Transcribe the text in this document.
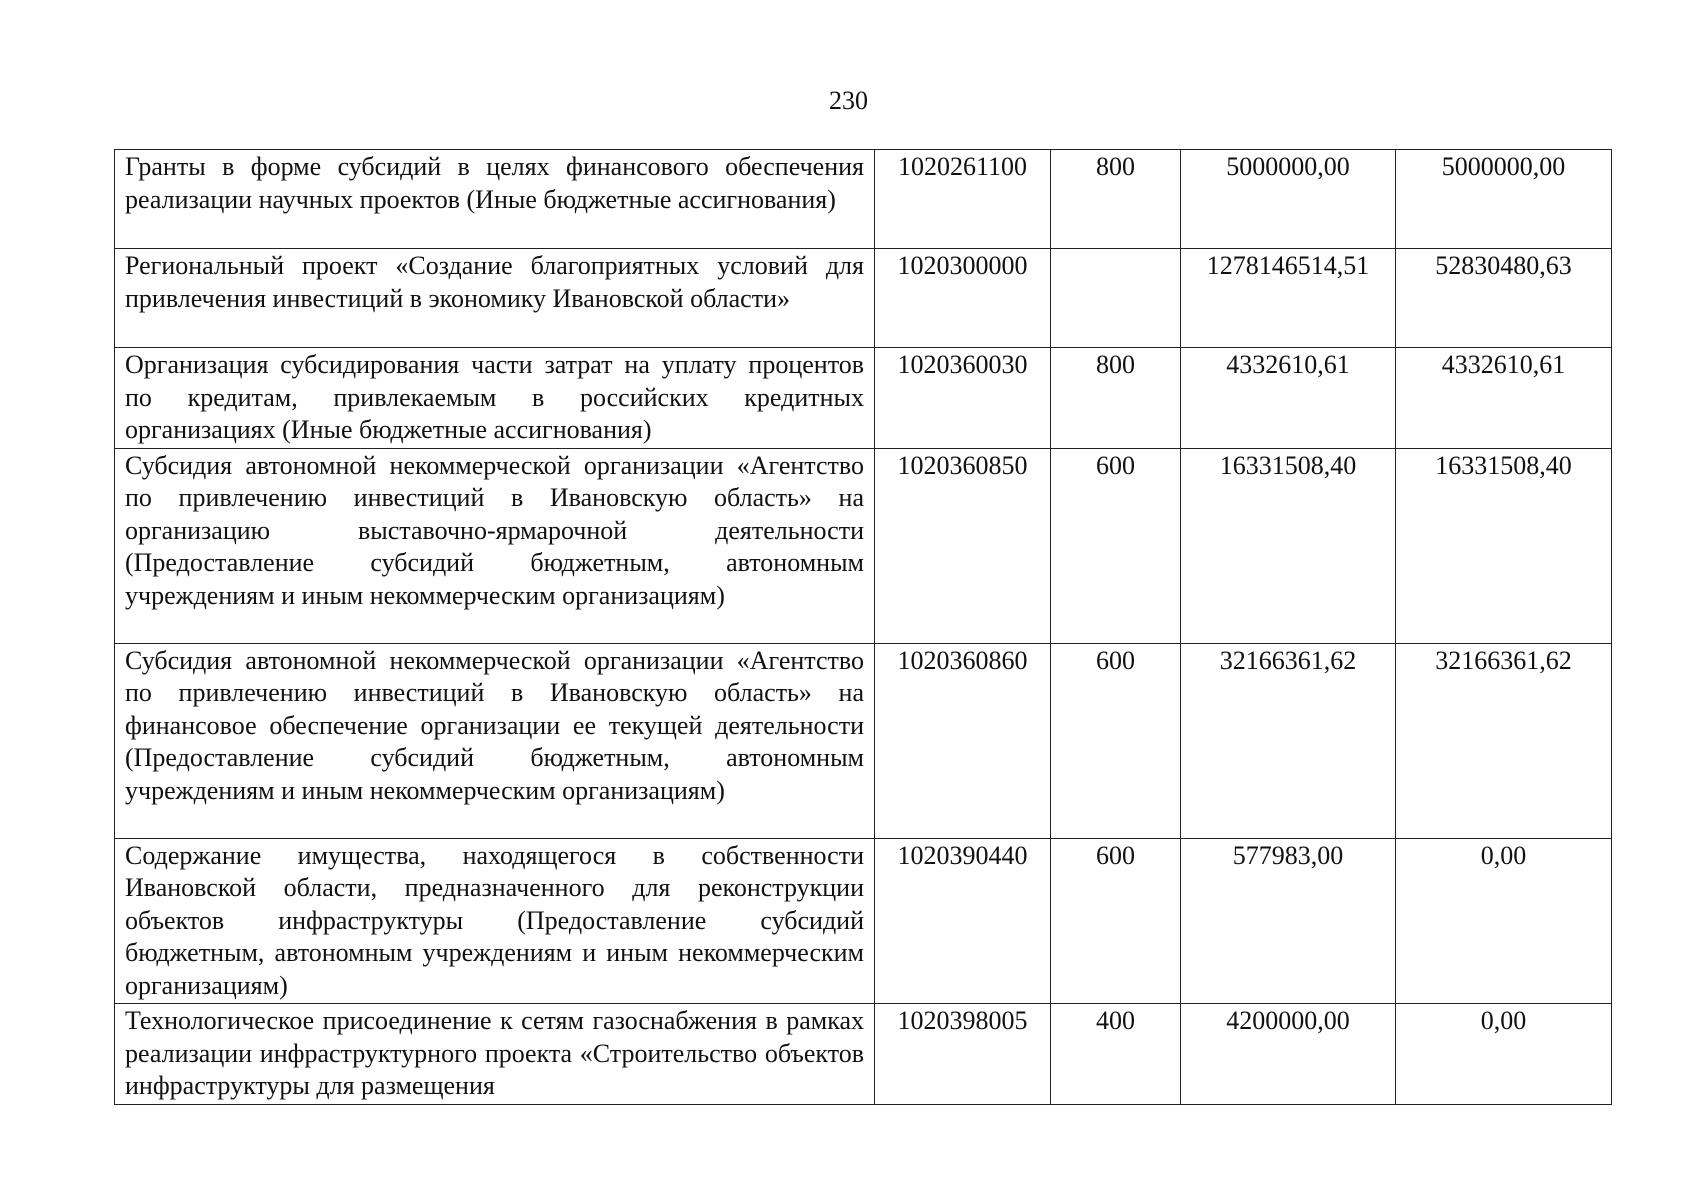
230
Гранты в форме субсидий в целях финансового обеспечения реализации научных проектов (Иные бюджетные ассигнования)	1020261100	800	5000000,00	5000000,00
Региональный проект «Создание благоприятных условий для привлечения инвестиций в экономику Ивановской области»	1020300000		1278146514,51	52830480,63
Организация субсидирования части затрат на уплату процентов по кредитам, привлекаемым в российских кредитных организациях (Иные бюджетные ассигнования)	1020360030	800	4332610,61	4332610,61
Субсидия автономной некоммерческой организации «Агентство по привлечению инвестиций в Ивановскую область» на организацию выставочно-ярмарочной деятельности (Предоставление субсидий бюджетным, автономным учреждениям и иным некоммерческим организациям)	1020360850	600	16331508,40	16331508,40
Субсидия автономной некоммерческой организации «Агентство по привлечению инвестиций в Ивановскую область» на финансовое обеспечение организации ее текущей деятельности (Предоставление субсидий бюджетным, автономным учреждениям и иным некоммерческим организациям)	1020360860	600	32166361,62	32166361,62
Содержание имущества, находящегося в собственности Ивановской области, предназначенного для реконструкции объектов инфраструктуры (Предоставление субсидий бюджетным, автономным учреждениям и иным некоммерческим организациям)	1020390440	600	577983,00	0,00
Технологическое присоединение к сетям газоснабжения в рамках реализации инфраструктурного проекта «Строительство объектов инфраструктуры для размещения	1020398005	400	4200000,00	0,00
